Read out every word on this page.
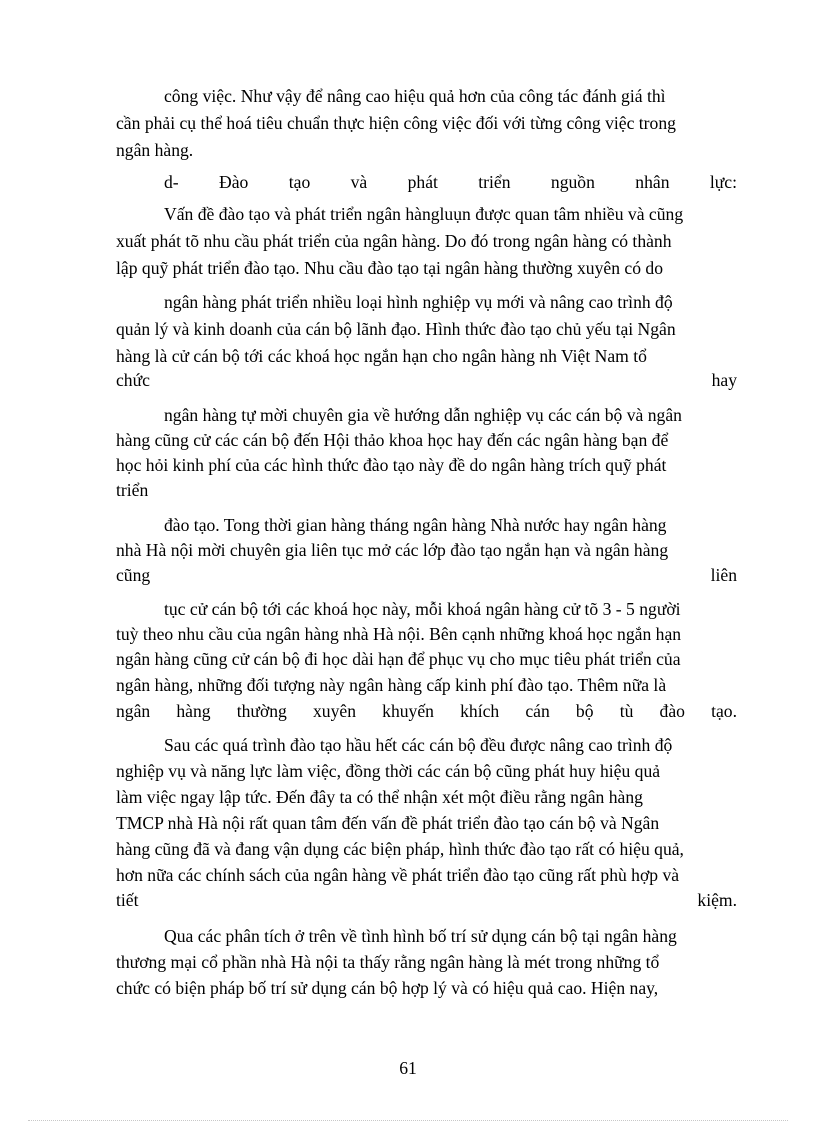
công việc. Như vậy để nâng cao hiệu quả hơn của công tác đánh giá thì
cần phải cụ thể hoá tiêu chuẩn thực hiện công việc đối với từng công việc trong
ngân hàng.
d- Đào tạo và phát triển nguồn nhân lực:
Vấn đề đào tạo và phát triển ngân hàngluụn được quan tâm nhiều và cũng
xuất phát tõ nhu cầu phát triển của ngân hàng. Do đó trong ngân hàng có thành
lập quỹ phát triển đào tạo. Nhu cầu đào tạo tại ngân hàng thường xuyên có do
ngân hàng phát triển nhiều loại hình nghiệp vụ mới và nâng cao trình độ
quản lý và kinh doanh của cán bộ lãnh đạo. Hình thức đào tạo chủ yếu tại Ngân
hàng là cử cán bộ tới các khoá học ngắn hạn cho ngân hàng nh Việt Nam tổ
chức hay
ngân hàng tự mời chuyên gia về hướng dẫn nghiệp vụ các cán bộ và ngân
hàng cũng cử các cán bộ đến Hội thảo khoa học hay đến các ngân hàng bạn để
học hỏi kinh phí của các hình thức đào tạo này đề do ngân hàng trích quỹ phát
triển
đào tạo. Tong thời gian hàng tháng ngân hàng Nhà nước hay ngân hàng
nhà Hà nội mời chuyên gia liên tục mở các lớp đào tạo ngắn hạn và ngân hàng
cũng liên
tục cử cán bộ tới các khoá học này, mỗi khoá ngân hàng cử tõ 3 - 5 người
tuỳ theo nhu cầu của ngân hàng nhà Hà nội. Bên cạnh những khoá học ngắn hạn
ngân hàng cũng cử cán bộ đi học dài hạn để phục vụ cho mục tiêu phát triển của
ngân hàng, những đối tượng này ngân hàng cấp kinh phí đào tạo. Thêm nữa là
ngân hàng thường xuyên khuyến khích cán bộ tù đào tạo.
Sau các quá trình đào tạo hầu hết các cán bộ đều được nâng cao trình độ
nghiệp vụ và năng lực làm việc, đồng thời các cán bộ cũng phát huy hiệu quả
làm việc ngay lập tức. Đến đây ta có thể nhận xét một điều rằng ngân hàng
TMCP nhà Hà nội rất quan tâm đến vấn đề phát triển đào tạo cán bộ và Ngân
hàng cũng đã và đang vận dụng các biện pháp, hình thức đào tạo rất có hiệu quả,
hơn nữa các chính sách của ngân hàng về phát triển đào tạo cũng rất phù hợp và
tiết kiệm.
Qua các phân tích ở trên về tình hình bố trí sử dụng cán bộ tại ngân hàng
thương mại cổ phần nhà Hà nội ta thấy rằng ngân hàng là mét trong những tổ
chức có biện pháp bố trí sử dụng cán bộ hợp lý và có hiệu quả cao. Hiện nay,
61
